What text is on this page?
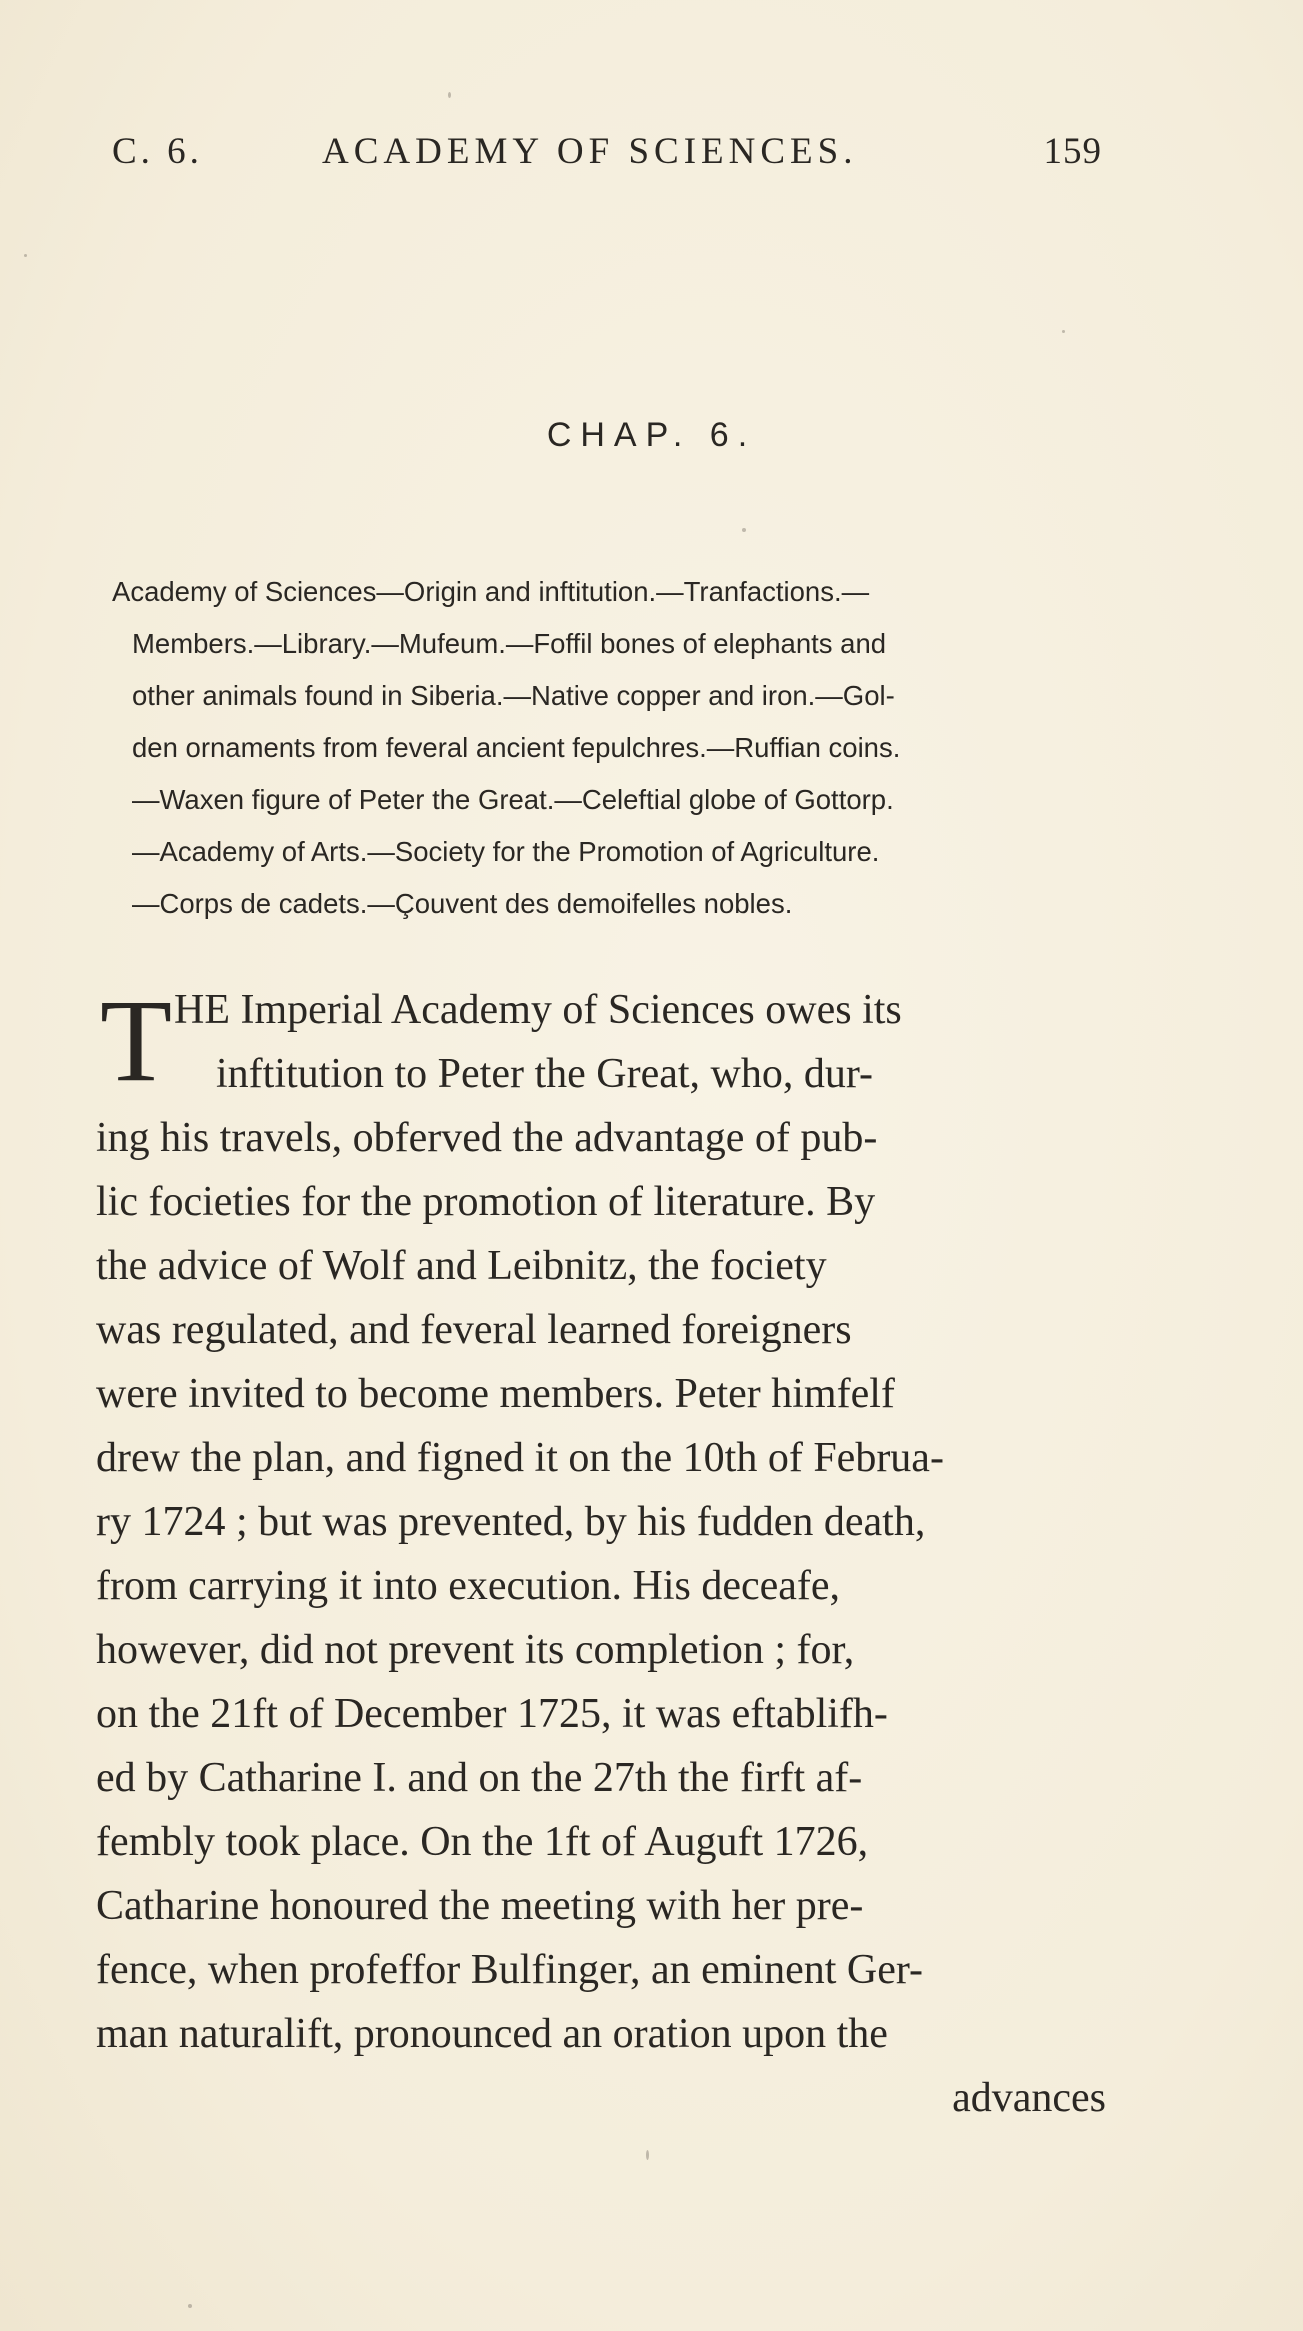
C. 6.	ACADEMY OF SCIENCES.	159
CHAP. 6.
Academy of Sciences—Origin and inftitution.—Tranfactions.—
Members.—Library.—Mufeum.—Foffil bones of elephants and
other animals found in Siberia.—Native copper and iron.—Gol-
den ornaments from feveral ancient fepulchres.—Ruffian coins.
—Waxen figure of Peter the Great.—Celeftial globe of Gottorp.
—Academy of Arts.—Society for the Promotion of Agriculture.
—Corps de cadets.—Çouvent des demoifelles nobles.
T HE Imperial Academy of Sciences owes its
inftitution to Peter the Great, who, dur-
ing his travels, obferved the advantage of pub-
lic focieties for the promotion of literature. By
the advice of Wolf and Leibnitz, the fociety
was regulated, and feveral learned foreigners
were invited to become members. Peter himfelf
drew the plan, and figned it on the 10th of Februa-
ry 1724 ; but was prevented, by his fudden death,
from carrying it into execution. His deceafe,
however, did not prevent its completion ; for,
on the 21ft of December 1725, it was eftablifh-
ed by Catharine I. and on the 27th the firft af-
fembly took place. On the 1ft of Auguft 1726,
Catharine honoured the meeting with her pre-
fence, when profeffor Bulfinger, an eminent Ger-
man naturalift, pronounced an oration upon the
advances
